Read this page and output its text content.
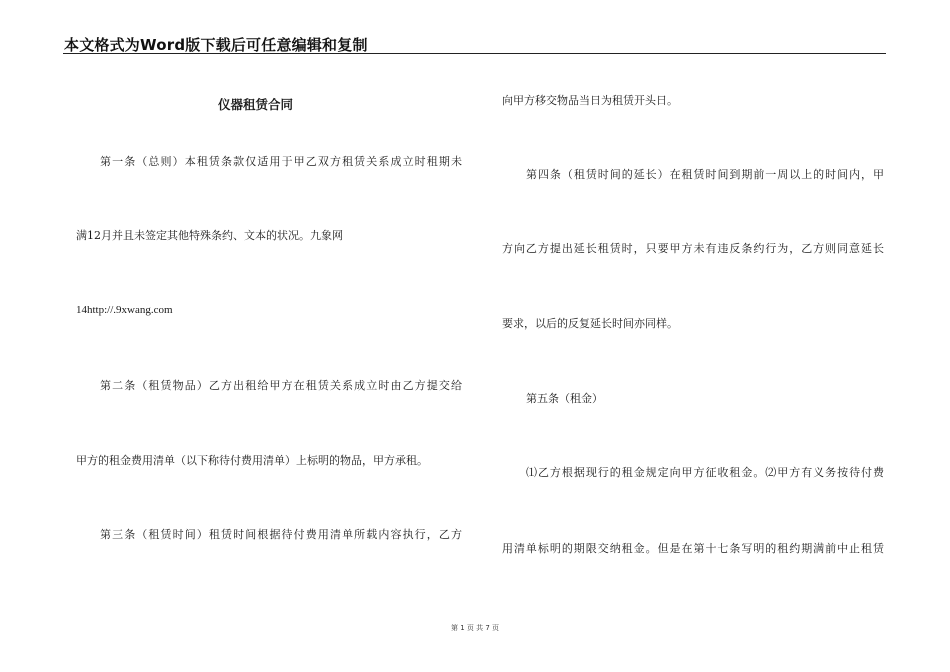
本文格式为Word版下载后可任意编辑和复制
仪器租赁合同
第一条（总则）本租赁条款仅适用于甲乙双方租赁关系成立时租期未
满12月并且未签定其他特殊条约、文本的状况。九象网
14http://.9xwang.com
第二条（租赁物品）乙方出租给甲方在租赁关系成立时由乙方提交给
甲方的租金费用清单（以下称待付费用清单）上标明的物品，甲方承租。
第三条（租赁时间）租赁时间根据待付费用清单所载内容执行，乙方
向甲方移交物品当日为租赁开头日。
第四条（租赁时间的延长）在租赁时间到期前一周以上的时间内，甲
方向乙方提出延长租赁时，只要甲方未有违反条约行为，乙方则同意延长
要求，以后的反复延长时间亦同样。
第五条（租金）
⑴乙方根据现行的租金规定向甲方征收租金。⑵甲方有义务按待付费
用清单标明的期限交纳租金。但是在第十七条写明的租约期满前中止租赁
第 1 页 共 7 页
